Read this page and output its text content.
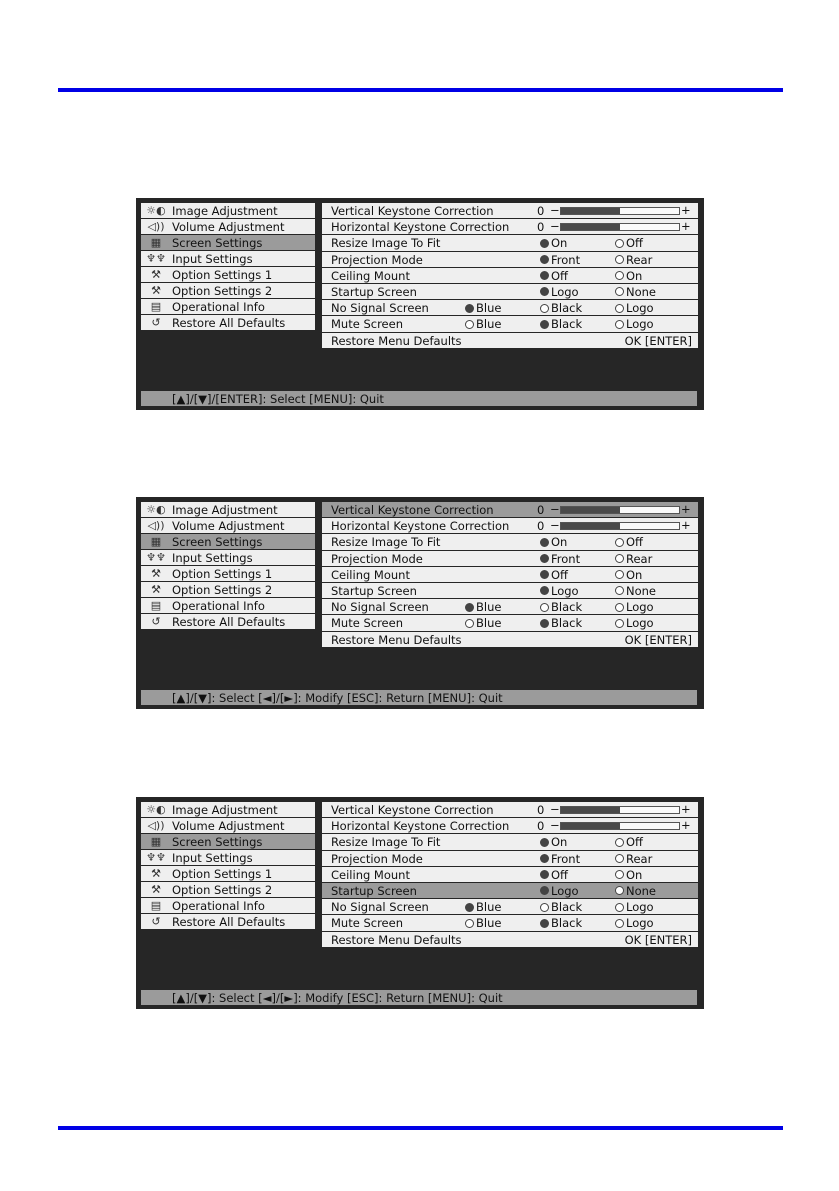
☼◐ Image Adjustment
◁)) Volume Adjustment
▦ Screen Settings
♆♆ Input Settings
⚒ Option Settings 1
⚒ Option Settings 2
▤ Operational Info
↺ Restore All Defaults
Vertical Keystone Correction	0 −	+
Horizontal Keystone Correction 0 −	+
Resize Image To Fit	On	Off
Projection Mode	Front	Rear
Ceiling Mount	Off	On
Startup Screen	Logo	None
No Signal Screen	Blue	Black	Logo
Mute Screen	Blue	Black	Logo
Restore Menu Defaults	OK [ENTER]
[▲]/[▼]/[ENTER]: Select [MENU]: Quit
☼◐ Image Adjustment
◁)) Volume Adjustment
▦ Screen Settings
♆♆ Input Settings
⚒ Option Settings 1
⚒ Option Settings 2
▤ Operational Info
↺ Restore All Defaults
Vertical Keystone Correction	0 −	+
Horizontal Keystone Correction 0 −	+
Resize Image To Fit	On	Off
Projection Mode	Front	Rear
Ceiling Mount	Off	On
Startup Screen	Logo	None
No Signal Screen	Blue	Black	Logo
Mute Screen	Blue	Black	Logo
Restore Menu Defaults	OK [ENTER]
[▲]/[▼]: Select [◄]/[►]: Modify [ESC]: Return [MENU]: Quit
☼◐ Image Adjustment
◁)) Volume Adjustment
▦ Screen Settings
♆♆ Input Settings
⚒ Option Settings 1
⚒ Option Settings 2
▤ Operational Info
↺ Restore All Defaults
Vertical Keystone Correction	0 −	+
Horizontal Keystone Correction 0 −	+
Resize Image To Fit	On	Off
Projection Mode	Front	Rear
Ceiling Mount	Off	On
Startup Screen	Logo	None
No Signal Screen	Blue	Black	Logo
Mute Screen	Blue	Black	Logo
Restore Menu Defaults	OK [ENTER]
[▲]/[▼]: Select [◄]/[►]: Modify [ESC]: Return [MENU]: Quit
